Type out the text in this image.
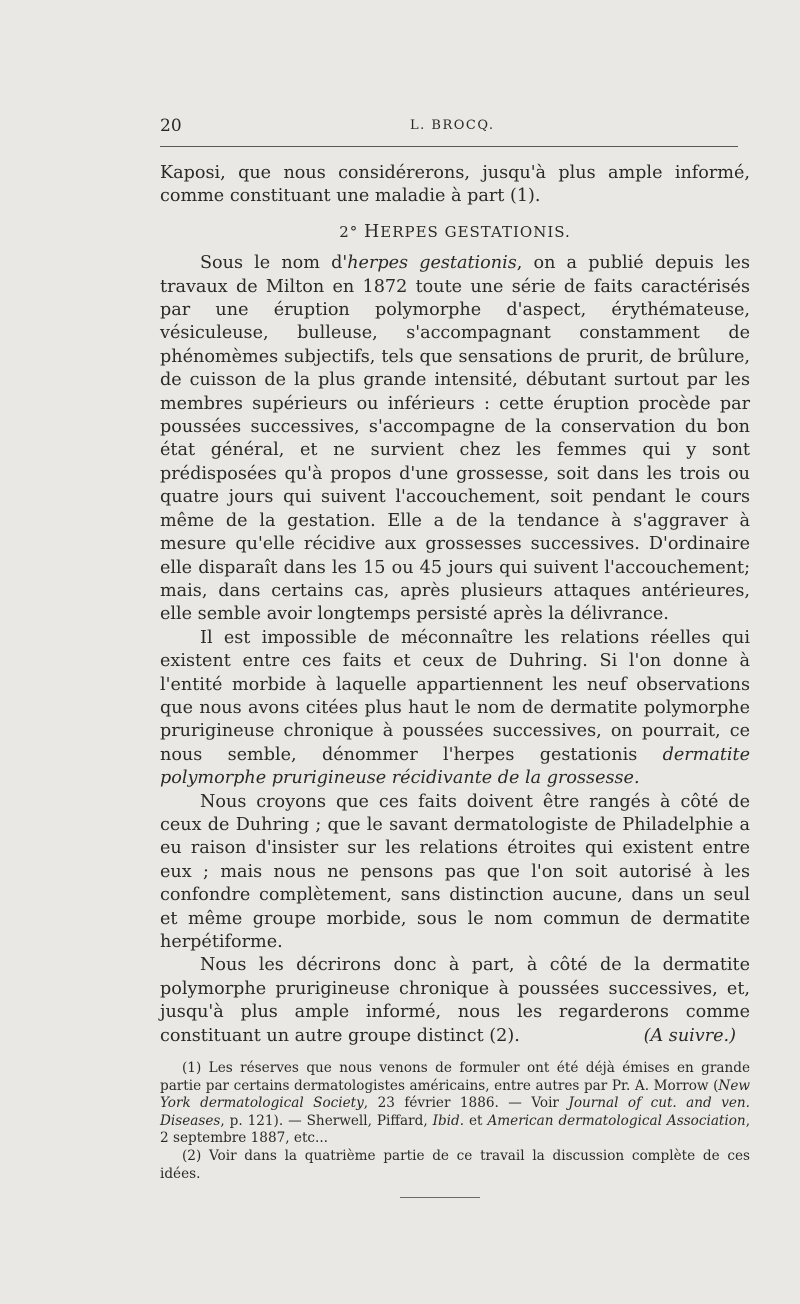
20	L. BROCQ.

Kaposi, que nous considérerons, jusqu'à plus ample informé, comme constituant une maladie à part (1).

2° HERPES GESTATIONIS.

Sous le nom d'herpes gestationis, on a publié depuis les travaux de Milton en 1872 toute une série de faits caractérisés par une éruption polymorphe d'aspect, érythémateuse, vésiculeuse, bulleuse, s'accompagnant constamment de phénomèmes subjectifs, tels que sensations de prurit, de brûlure, de cuisson de la plus grande intensité, débutant surtout par les membres supérieurs ou inférieurs : cette éruption procède par poussées successives, s'accompagne de la conservation du bon état général, et ne survient chez les femmes qui y sont prédisposées qu'à propos d'une grossesse, soit dans les trois ou quatre jours qui suivent l'accouchement, soit pendant le cours même de la gestation. Elle a de la tendance à s'aggraver à mesure qu'elle récidive aux grossesses successives. D'ordinaire elle disparaît dans les 15 ou 45 jours qui suivent l'accouchement; mais, dans certains cas, après plusieurs attaques antérieures, elle semble avoir longtemps persisté après la délivrance.

Il est impossible de méconnaître les relations réelles qui existent entre ces faits et ceux de Duhring. Si l'on donne à l'entité morbide à laquelle appartiennent les neuf observations que nous avons citées plus haut le nom de dermatite polymorphe prurigineuse chronique à poussées successives, on pourrait, ce nous semble, dénommer l'herpes gestationis dermatite polymorphe prurigineuse récidivante de la grossesse.

Nous croyons que ces faits doivent être rangés à côté de ceux de Duhring ; que le savant dermatologiste de Philadelphie a eu raison d'insister sur les relations étroites qui existent entre eux ; mais nous ne pensons pas que l'on soit autorisé à les confondre complètement, sans distinction aucune, dans un seul et même groupe morbide, sous le nom commun de dermatite herpétiforme.

Nous les décrirons donc à part, à côté de la dermatite polymorphe prurigineuse chronique à poussées successives, et, jusqu'à plus ample informé, nous les regarderons comme constituant un autre groupe distinct (2).	(A suivre.)

(1) Les réserves que nous venons de formuler ont été déjà émises en grande partie par certains dermatologistes américains, entre autres par Pr. A. Morrow (New York dermatological Society, 23 février 1886. — Voir Journal of cut. and ven. Diseases, p. 121). — Sherwell, Piffard, Ibid. et American dermatological Association, 2 septembre 1887, etc...

(2) Voir dans la quatrième partie de ce travail la discussion complète de ces idées.
